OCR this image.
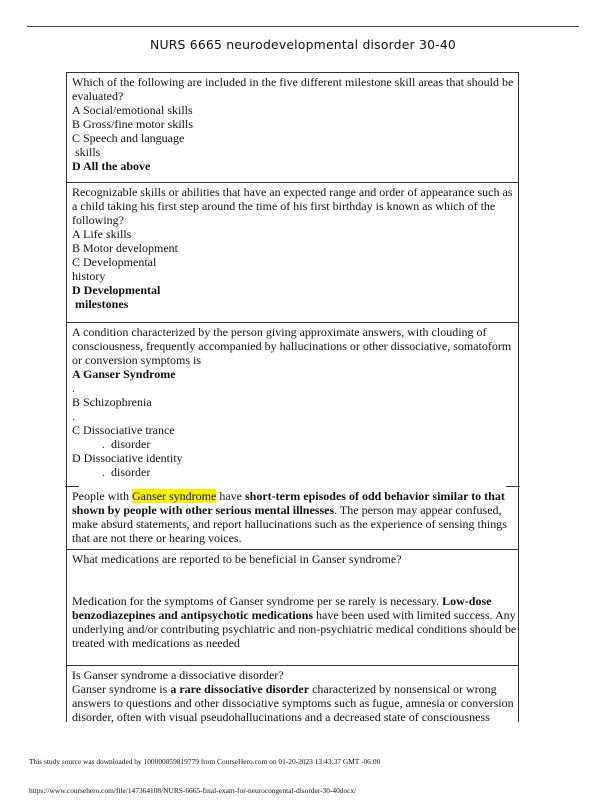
NURS 6665 neurodevelopmental disorder 30-40
Which of the following are included in the five different milestone skill areas that should be
evaluated?
A Social/emotional skills
B Gross/fine motor skills
C Speech and language
skills
D All the above
Recognizable skills or abilities that have an expected range and order of appearance such as
a child taking his first step around the time of his first birthday is known as which of the
following?
A Life skills
B Motor development
C Developmental
history
D Developmental
milestones
A condition characterized by the person giving approximate answers, with clouding of
consciousness, frequently accompanied by hallucinations or other dissociative, somatoform
or conversion symptoms is
A Ganser Syndrome
.
B Schizophrenia
.
C Dissociative trance
.  disorder
D Dissociative identity
.  disorder
People with Ganser syndrome have short-term episodes of odd behavior similar to that
shown by people with other serious mental illnesses. The person may appear confused,
make absurd statements, and report hallucinations such as the experience of sensing things
that are not there or hearing voices.
What medications are reported to be beneficial in Ganser syndrome?
Medication for the symptoms of Ganser syndrome per se rarely is necessary. Low-dose
benzodiazepines and antipsychotic medications have been used with limited success. Any
underlying and/or contributing psychiatric and non-psychiatric medical conditions should be
treated with medications as needed
Is Ganser syndrome a dissociative disorder?
Ganser syndrome is a rare dissociative disorder characterized by nonsensical or wrong
answers to questions and other dissociative symptoms such as fugue, amnesia or conversion
disorder, often with visual pseudohallucinations and a decreased state of consciousness
This study source was downloaded by 100000859819779 from CourseHero.com on 01-20-2023 13:43:37 GMT -06:00
https://www.coursehero.com/file/147364108/NURS-6665-final-exam-for-neurocongental-disorder-30-40docx/
